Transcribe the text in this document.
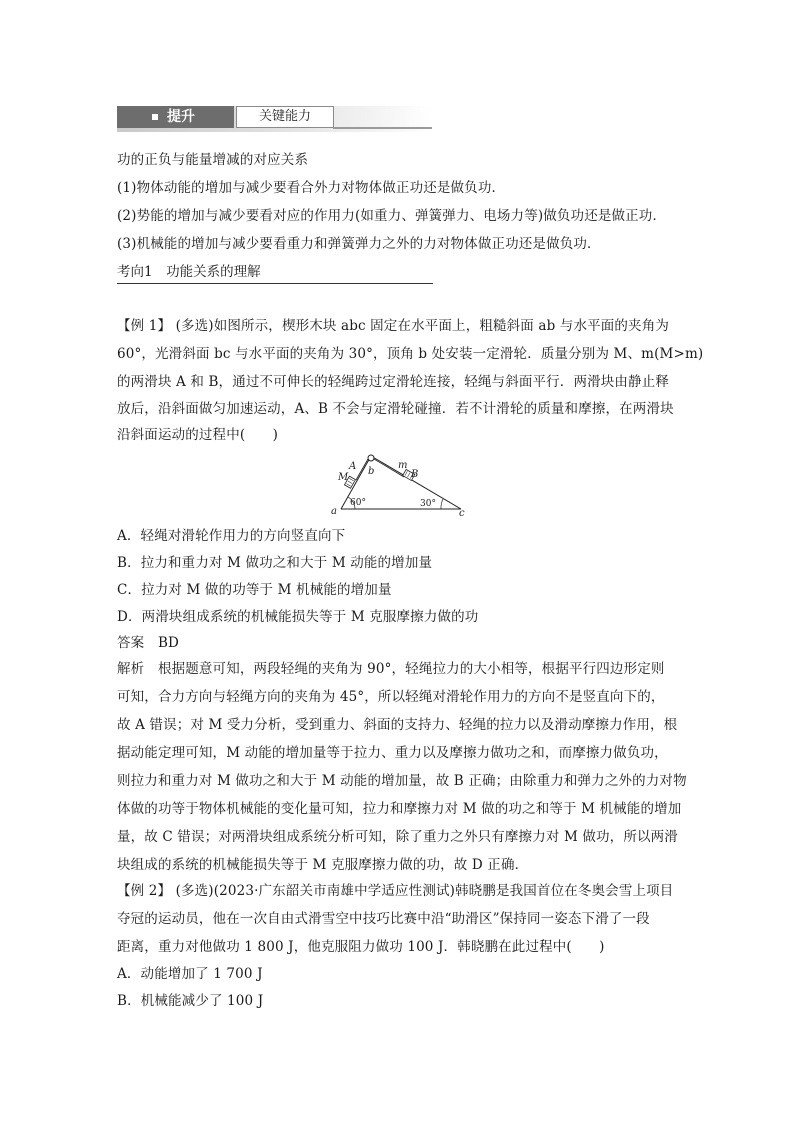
提升	关键能力
功的正负与能量增减的对应关系
(1)物体动能的增加与减少要看合外力对物体做正功还是做负功．
(2)势能的增加与减少要看对应的作用力(如重力、弹簧弹力、电场力等)做负功还是做正功．
(3)机械能的增加与减少要看重力和弹簧弹力之外的力对物体做正功还是做负功．
考向1　功能关系的理解
【例 1】 (多选)如图所示，楔形木块 abc 固定在水平面上，粗糙斜面 ab 与水平面的夹角为
60°，光滑斜面 bc 与水平面的夹角为 30°，顶角 b 处安装一定滑轮．质量分别为 M、m(M>m)
的两滑块 A 和 B，通过不可伸长的轻绳跨过定滑轮连接，轻绳与斜面平行．两滑块由静止释
放后，沿斜面做匀加速运动，A、B 不会与定滑轮碰撞．若不计滑轮的质量和摩擦，在两滑块
沿斜面运动的过程中(　　)
A
M
b
m
B
a	c
60°	30°
A．轻绳对滑轮作用力的方向竖直向下
B．拉力和重力对 M 做功之和大于 M 动能的增加量
C．拉力对 M 做的功等于 M 机械能的增加量
D．两滑块组成系统的机械能损失等于 M 克服摩擦力做的功
答案　BD
解析　根据题意可知，两段轻绳的夹角为 90°，轻绳拉力的大小相等，根据平行四边形定则
可知，合力方向与轻绳方向的夹角为 45°，所以轻绳对滑轮作用力的方向不是竖直向下的，
故 A 错误；对 M 受力分析，受到重力、斜面的支持力、轻绳的拉力以及滑动摩擦力作用，根
据动能定理可知，M 动能的增加量等于拉力、重力以及摩擦力做功之和，而摩擦力做负功，
则拉力和重力对 M 做功之和大于 M 动能的增加量，故 B 正确；由除重力和弹力之外的力对物
体做的功等于物体机械能的变化量可知，拉力和摩擦力对 M 做的功之和等于 M 机械能的增加
量，故 C 错误；对两滑块组成系统分析可知，除了重力之外只有摩擦力对 M 做功，所以两滑
块组成的系统的机械能损失等于 M 克服摩擦力做的功，故 D 正确．
【例 2】 (多选)(2023·广东韶关市南雄中学适应性测试)韩晓鹏是我国首位在冬奥会雪上项目
夺冠的运动员，他在一次自由式滑雪空中技巧比赛中沿“助滑区”保持同一姿态下滑了一段
距离，重力对他做功 1 800 J，他克服阻力做功 100 J．韩晓鹏在此过程中(　　)
A．动能增加了 1 700 J
B．机械能减少了 100 J
